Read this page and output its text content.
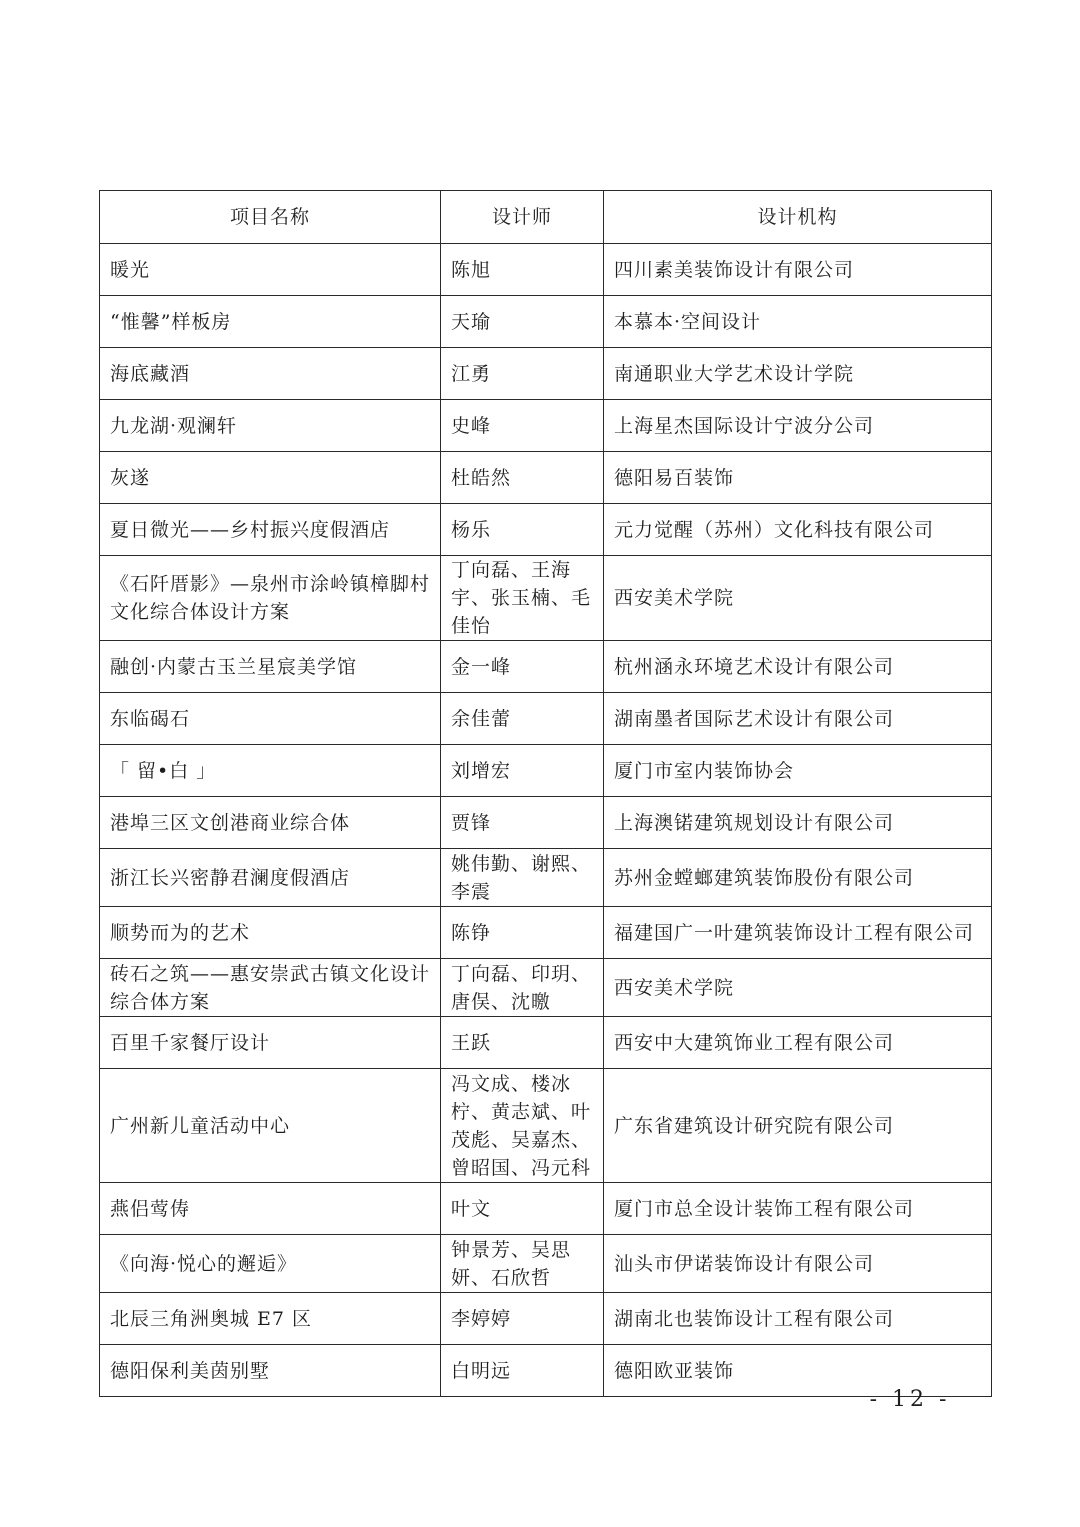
项目名称	设计师	设计机构
暖光	陈旭	四川素美装饰设计有限公司
“惟馨”样板房	天瑜	本慕本·空间设计
海底藏酒	江勇	南通职业大学艺术设计学院
九龙湖·观澜轩	史峰	上海星杰国际设计宁波分公司
灰遂	杜皓然	德阳易百装饰
夏日微光——乡村振兴度假酒店	杨乐	元力觉醒（苏州）文化科技有限公司
《石阡厝影》—泉州市涂岭镇樟脚村文化综合体设计方案	丁向磊、王海宇、张玉楠、毛佳怡	西安美术学院
融创·内蒙古玉兰星宸美学馆	金一峰	杭州涵永环境艺术设计有限公司
东临碣石	余佳蕾	湖南墨者国际艺术设计有限公司
「 留•白 」	刘增宏	厦门市室内装饰协会
港埠三区文创港商业综合体	贾锋	上海澳锘建筑规划设计有限公司
浙江长兴密静君澜度假酒店	姚伟勤、谢熙、李震	苏州金螳螂建筑装饰股份有限公司
顺势而为的艺术	陈铮	福建国广一叶建筑装饰设计工程有限公司
砖石之筑——惠安崇武古镇文化设计综合体方案	丁向磊、印玥、唐俣、沈曒	西安美术学院
百里千家餐厅设计	王跃	西安中大建筑饰业工程有限公司
广州新儿童活动中心	冯文成、楼冰柠、黄志斌、叶茂彪、吴嘉杰、曾昭国、冯元科	广东省建筑设计研究院有限公司
燕侣莺俦	叶文	厦门市总全设计装饰工程有限公司
《向海·悦心的邂逅》	钟景芳、吴思妍、石欣哲	汕头市伊诺装饰设计有限公司
北辰三角洲奥城 E7 区	李婷婷	湖南北也装饰设计工程有限公司
德阳保利美茵别墅	白明远	德阳欧亚装饰
- 12 -
